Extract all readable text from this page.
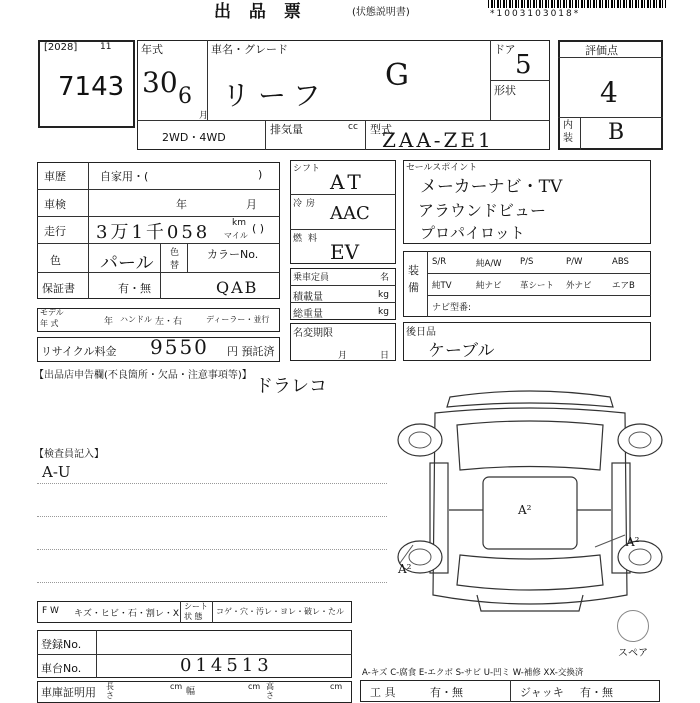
出 品 票	(状態説明書)	*1003103018*
[2028]	11
7143
年式
30 6
月
車名・グレード
リーフ
G
ドア
5
形状
2WD・4WD
排気量	cc 型式
ZAA-ZE1
評価点
4
内装 B
車歴	自家用・(	)
車検	年	月
走行 3万1千058 km
マイル
( )
色 パール 色
替
カラーNo.
保証書	有・無	QAB
モデル
年 式	年 ハンドル 左・右	ディーラー・並行
リサイクル料金 9550 円 預託済
シフト
AT
冷房 AAC
燃料
EV
乗車定員	名
積載量	kg
総重量	kg
名変期限
月	日
セールスポイント
メーカーナビ・TV
アラウンドビュー
プロパイロット
装備
S/R	純A/W P/S	P/W	ABS
純TV	純ナビ 革シート 外ナビ エアB
ナビ型番:
後日品
ケーブル
【出品店申告欄(不良箇所・欠品・注意事項等)】
ドラレコ
【検査員記入】
A-U
A²
A²
A²
スペア
F W キズ・ヒビ・石・割レ・X
シート
状 態
コゲ・穴・汚レ・ヨレ・破レ・たル
登録No.
車台No.	014513
車庫証明用 長
さ
cm
幅
cm 高
さ
cm
A-キズ C-腐食 E-エクボ S-サビ U-凹ミ W-補修 XX-交換済
工 具	有・無	ジャッキ 有・無
